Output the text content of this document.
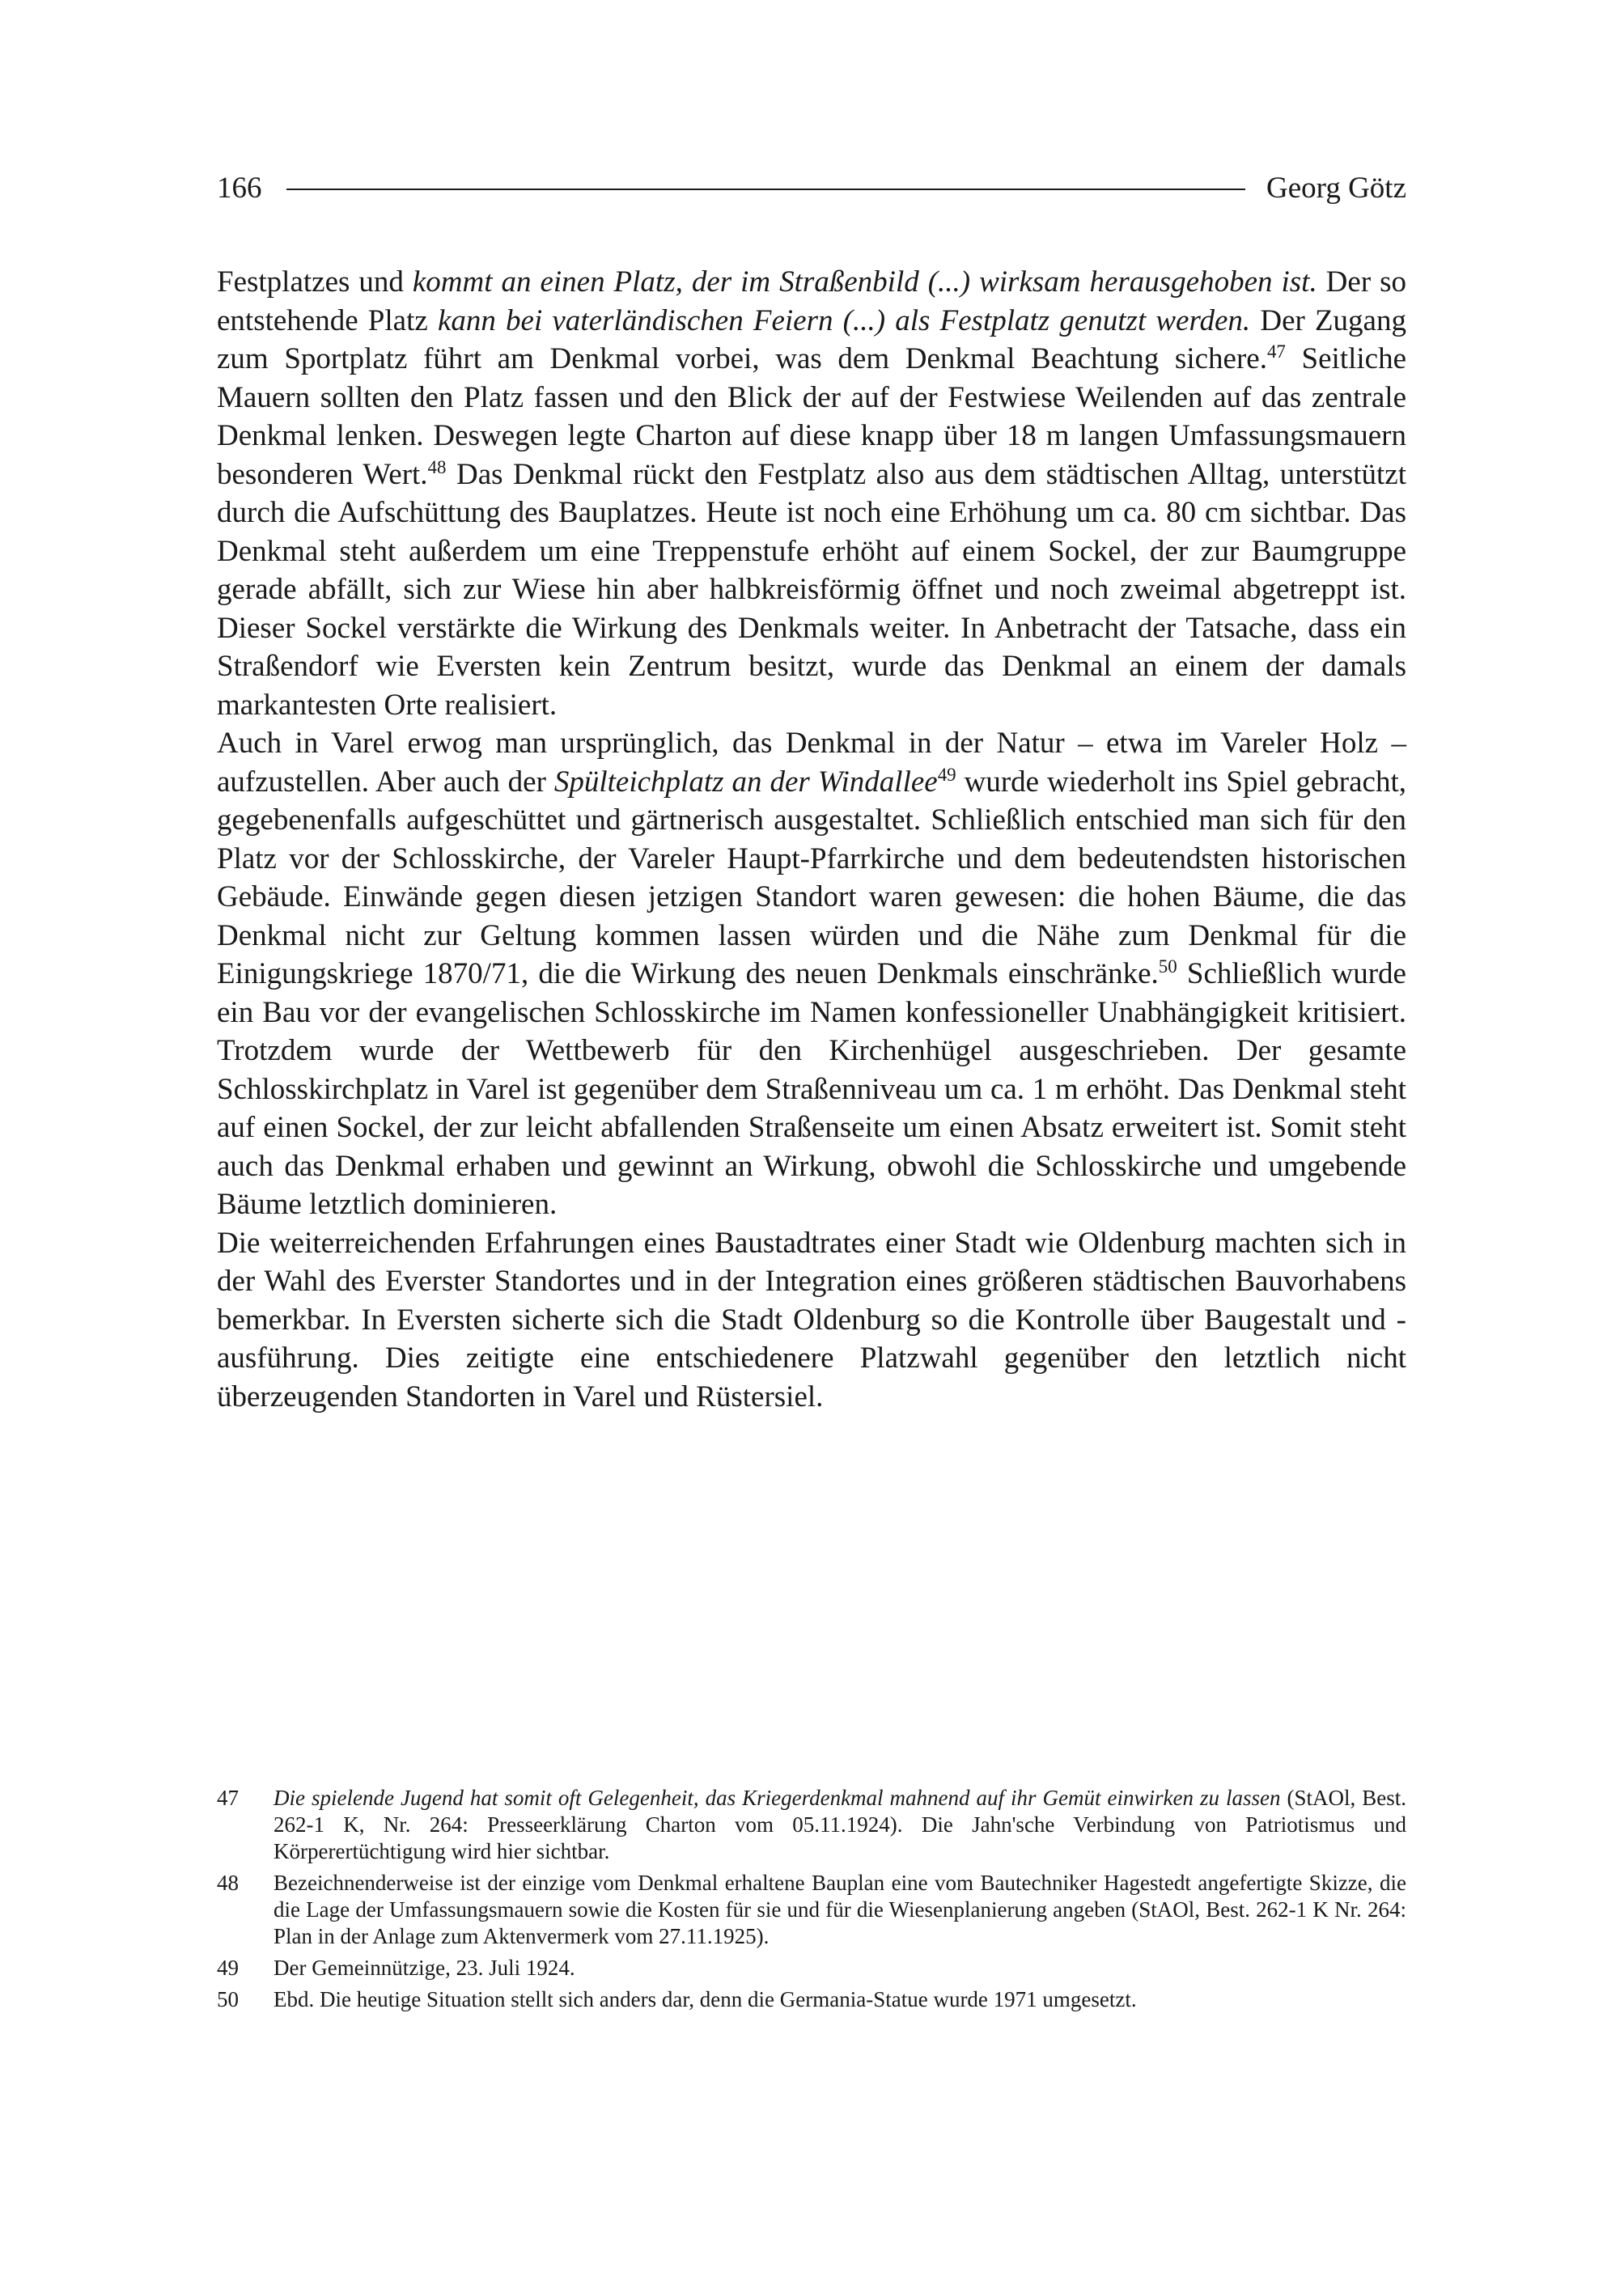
166	Georg Götz

Festplatzes und kommt an einen Platz, der im Straßenbild (...) wirksam herausgehoben ist. Der so entstehende Platz kann bei vaterländischen Feiern (...) als Festplatz genutzt werden. Der Zugang zum Sportplatz führt am Denkmal vorbei, was dem Denkmal Beachtung sichere.$^{47}$ Seitliche Mauern sollten den Platz fassen und den Blick der auf der Festwiese Weilenden auf das zentrale Denkmal lenken. Deswegen legte Charton auf diese knapp über 18 m langen Umfassungsmauern besonderen Wert.$^{48}$ Das Denkmal rückt den Festplatz also aus dem städtischen Alltag, unterstützt durch die Aufschüttung des Bauplatzes. Heute ist noch eine Erhöhung um ca. 80 cm sichtbar. Das Denkmal steht außerdem um eine Treppenstufe erhöht auf einem Sockel, der zur Baumgruppe gerade abfällt, sich zur Wiese hin aber halbkreisförmig öffnet und noch zweimal abgetreppt ist. Dieser Sockel verstärkte die Wirkung des Denkmals weiter. In Anbetracht der Tatsache, dass ein Straßendorf wie Eversten kein Zentrum besitzt, wurde das Denkmal an einem der damals markantesten Orte realisiert.

Auch in Varel erwog man ursprünglich, das Denkmal in der Natur – etwa im Vareler Holz – aufzustellen. Aber auch der Spülteichplatz an der Windallee$^{49}$ wurde wiederholt ins Spiel gebracht, gegebenenfalls aufgeschüttet und gärtnerisch ausgestaltet. Schließlich entschied man sich für den Platz vor der Schlosskirche, der Vareler Haupt-Pfarrkirche und dem bedeutendsten historischen Gebäude. Einwände gegen diesen jetzigen Standort waren gewesen: die hohen Bäume, die das Denkmal nicht zur Geltung kommen lassen würden und die Nähe zum Denkmal für die Einigungskriege 1870/71, die die Wirkung des neuen Denkmals einschränke.$^{50}$ Schließlich wurde ein Bau vor der evangelischen Schlosskirche im Namen konfessioneller Unabhängigkeit kritisiert. Trotzdem wurde der Wettbewerb für den Kirchenhügel ausgeschrieben. Der gesamte Schlosskirchplatz in Varel ist gegenüber dem Straßenniveau um ca. 1 m erhöht. Das Denkmal steht auf einen Sockel, der zur leicht abfallenden Straßenseite um einen Absatz erweitert ist. Somit steht auch das Denkmal erhaben und gewinnt an Wirkung, obwohl die Schlosskirche und umgebende Bäume letztlich dominieren.

Die weiterreichenden Erfahrungen eines Baustadtrates einer Stadt wie Oldenburg machten sich in der Wahl des Everster Standortes und in der Integration eines größeren städtischen Bauvorhabens bemerkbar. In Eversten sicherte sich die Stadt Oldenburg so die Kontrolle über Baugestalt und -ausführung. Dies zeitigte eine entschiedenere Platzwahl gegenüber den letztlich nicht überzeugenden Standorten in Varel und Rüstersiel.

47	Die spielende Jugend hat somit oft Gelegenheit, das Kriegerdenkmal mahnend auf ihr Gemüt einwirken zu lassen (StAOl, Best. 262-1 K, Nr. 264: Presseerklärung Charton vom 05.11.1924). Die Jahn'sche Verbindung von Patriotismus und Körperertüchtigung wird hier sichtbar.
48	Bezeichnenderweise ist der einzige vom Denkmal erhaltene Bauplan eine vom Bautechniker Hagestedt angefertigte Skizze, die die Lage der Umfassungsmauern sowie die Kosten für sie und für die Wiesenplanierung angeben (StAOl, Best. 262-1 K Nr. 264: Plan in der Anlage zum Aktenvermerk vom 27.11.1925).
49	Der Gemeinnützige, 23. Juli 1924.
50	Ebd. Die heutige Situation stellt sich anders dar, denn die Germania-Statue wurde 1971 umgesetzt.
